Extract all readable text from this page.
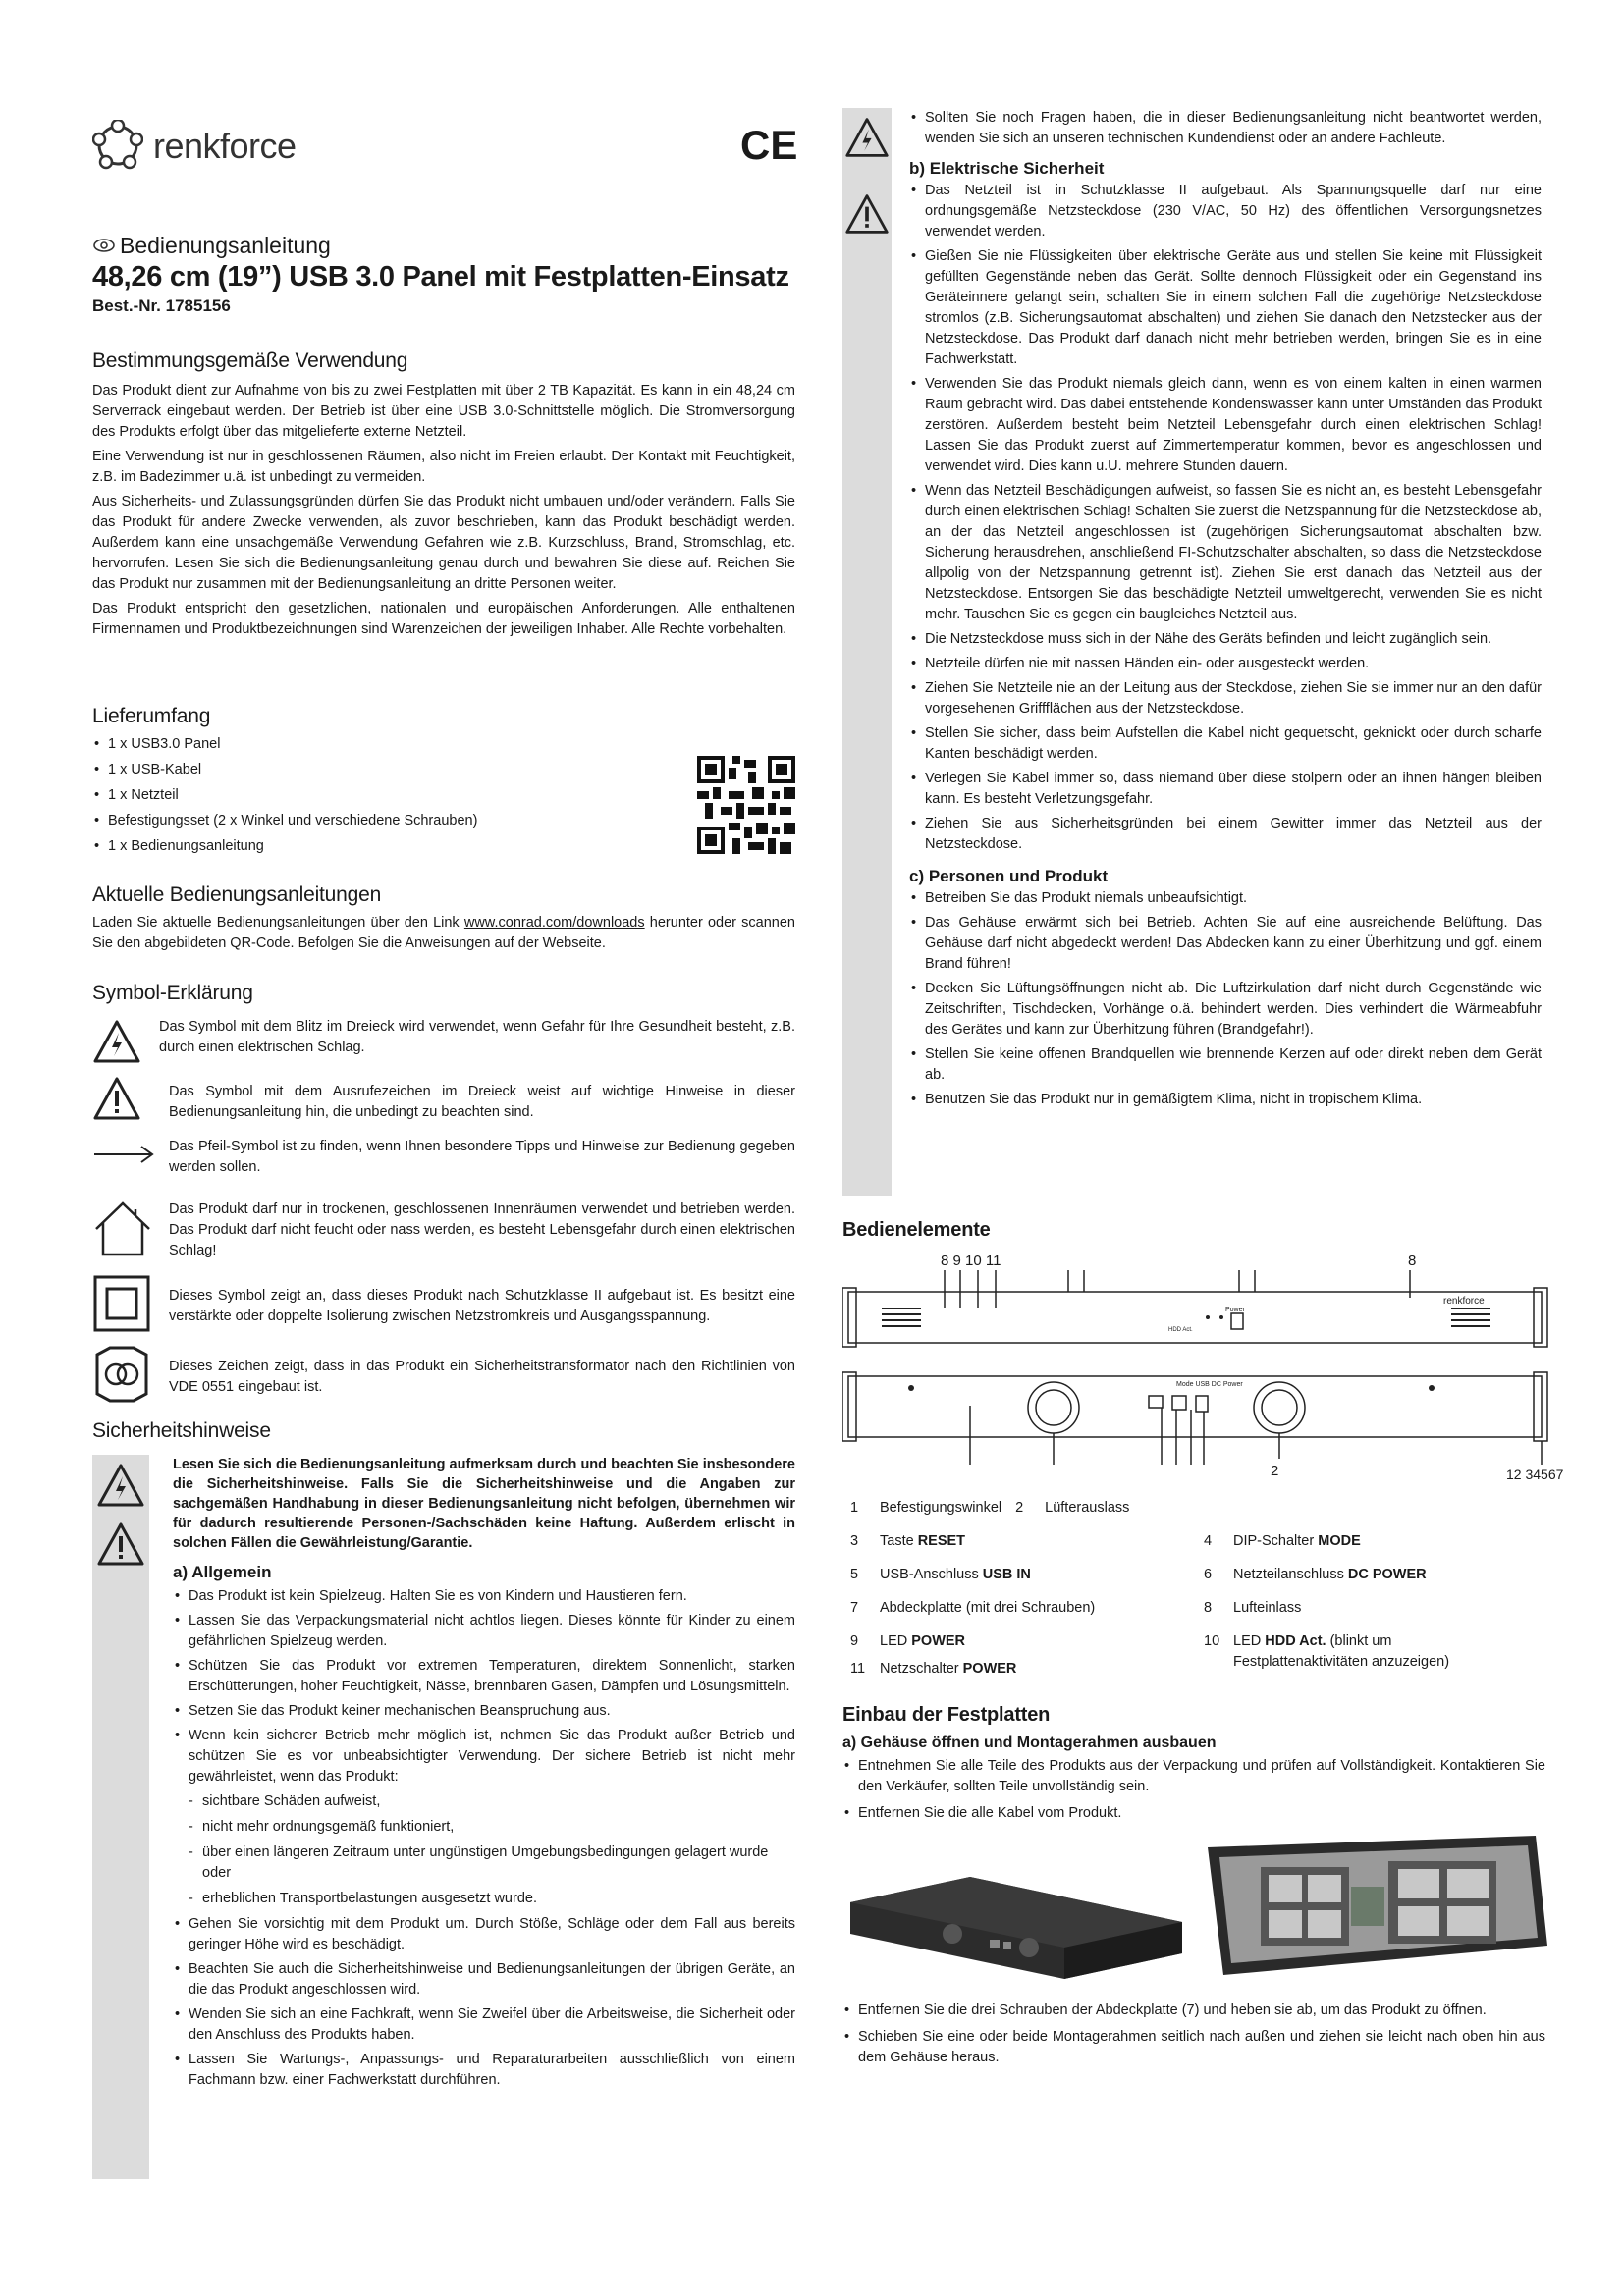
renkforce	CE
Bedienungsanleitung
48,26 cm (19”) USB 3.0 Panel mit Festplatten-Einsatz
Best.-Nr. 1785156
Bestimmungsgemäße Verwendung

Das Produkt dient zur Aufnahme von bis zu zwei Festplatten mit über 2 TB Kapazität. Es kann in ein 48,24 cm Serverrack eingebaut werden. Der Betrieb ist über eine USB 3.0-Schnittstelle möglich. Die Stromversorgung des Produkts erfolgt über das mitgelieferte externe Netzteil.

Eine Verwendung ist nur in geschlossenen Räumen, also nicht im Freien erlaubt. Der Kontakt mit Feuchtigkeit, z.B. im Badezimmer u.ä. ist unbedingt zu vermeiden.

Aus Sicherheits- und Zulassungsgründen dürfen Sie das Produkt nicht umbauen und/oder verändern. Falls Sie das Produkt für andere Zwecke verwenden, als zuvor beschrieben, kann das Produkt beschädigt werden. Außerdem kann eine unsachgemäße Verwendung Gefahren wie z.B. Kurzschluss, Brand, Stromschlag, etc. hervorrufen. Lesen Sie sich die Bedienungsanleitung genau durch und bewahren Sie diese auf. Reichen Sie das Produkt nur zusammen mit der Bedienungsanleitung an dritte Personen weiter.

Das Produkt entspricht den gesetzlichen, nationalen und europäischen Anforderungen. Alle enthaltenen Firmennamen und Produktbezeichnungen sind Warenzeichen der jeweiligen Inhaber. Alle Rechte vorbehalten.

Lieferumfang
• 1 x USB3.0 Panel
• 1 x USB-Kabel
• 1 x Netzteil
• Befestigungsset (2 x Winkel und verschiedene Schrauben)
• 1 x Bedienungsanleitung
Aktuelle Bedienungsanleitungen

Laden Sie aktuelle Bedienungsanleitungen über den Link www.conrad.com/downloads herunter oder scannen Sie den abgebildeten QR-Code. Befolgen Sie die Anweisungen auf der Webseite.

Symbol-Erklärung

Das Symbol mit dem Blitz im Dreieck wird verwendet, wenn Gefahr für Ihre Gesundheit besteht, z.B. durch einen elektrischen Schlag.

Das Symbol mit dem Ausrufezeichen im Dreieck weist auf wichtige Hinweise in dieser Bedienungsanleitung hin, die unbedingt zu beachten sind.

Das Pfeil-Symbol ist zu finden, wenn Ihnen besondere Tipps und Hinweise zur Bedienung gegeben werden sollen.

Das Produkt darf nur in trockenen, geschlossenen Innenräumen verwendet und betrieben werden. Das Produkt darf nicht feucht oder nass werden, es besteht Lebensgefahr durch einen elektrischen Schlag!

Dieses Symbol zeigt an, dass dieses Produkt nach Schutzklasse II aufgebaut ist. Es besitzt eine verstärkte oder doppelte Isolierung zwischen Netzstromkreis und Ausgangsspannung.

Dieses Zeichen zeigt, dass in das Produkt ein Sicherheitstransformator nach den Richtlinien von VDE 0551 eingebaut ist.

Sicherheitshinweise

Lesen Sie sich die Bedienungsanleitung aufmerksam durch und beachten Sie insbesondere die Sicherheitshinweise. Falls Sie die Sicherheitshinweise und die Angaben zur sachgemäßen Handhabung in dieser Bedienungsanleitung nicht befolgen, übernehmen wir für dadurch resultierende Personen-/Sachschäden keine Haftung. Außerdem erlischt in solchen Fällen die Gewährleistung/Garantie.

a) Allgemein
• Das Produkt ist kein Spielzeug. Halten Sie es von Kindern und Haustieren fern.
• Lassen Sie das Verpackungsmaterial nicht achtlos liegen. Dieses könnte für Kinder zu einem gefährlichen Spielzeug werden.
• Schützen Sie das Produkt vor extremen Temperaturen, direktem Sonnenlicht, starken Erschütterungen, hoher Feuchtigkeit, Nässe, brennbaren Gasen, Dämpfen und Lösungsmitteln.
• Setzen Sie das Produkt keiner mechanischen Beanspruchung aus.
• Wenn kein sicherer Betrieb mehr möglich ist, nehmen Sie das Produkt außer Betrieb und schützen Sie es vor unbeabsichtigter Verwendung. Der sichere Betrieb ist nicht mehr gewährleistet, wenn das Produkt:
- sichtbare Schäden aufweist,
- nicht mehr ordnungsgemäß funktioniert,
- über einen längeren Zeitraum unter ungünstigen Umgebungsbedingungen gelagert wurde oder
- erheblichen Transportbelastungen ausgesetzt wurde.
• Gehen Sie vorsichtig mit dem Produkt um. Durch Stöße, Schläge oder dem Fall aus bereits geringer Höhe wird es beschädigt.
• Beachten Sie auch die Sicherheitshinweise und Bedienungsanleitungen der übrigen Geräte, an die das Produkt angeschlossen wird.
• Wenden Sie sich an eine Fachkraft, wenn Sie Zweifel über die Arbeitsweise, die Sicherheit oder den Anschluss des Produkts haben.
• Lassen Sie Wartungs-, Anpassungs- und Reparaturarbeiten ausschließlich von einem Fachmann bzw. einer Fachwerkstatt durchführen.
• Sollten Sie noch Fragen haben, die in dieser Bedienungsanleitung nicht beantwortet werden, wenden Sie sich an unseren technischen Kundendienst oder an andere Fachleute.
b) Elektrische Sicherheit
• Das Netzteil ist in Schutzklasse II aufgebaut. Als Spannungsquelle darf nur eine ordnungsgemäße Netzsteckdose (230 V/AC, 50 Hz) des öffentlichen Versorgungsnetzes verwendet werden.
• Gießen Sie nie Flüssigkeiten über elektrische Geräte aus und stellen Sie keine mit Flüssigkeit gefüllten Gegenstände neben das Gerät. Sollte dennoch Flüssigkeit oder ein Gegenstand ins Geräteinnere gelangt sein, schalten Sie in einem solchen Fall die zugehörige Netzsteckdose stromlos (z.B. Sicherungsautomat abschalten) und ziehen Sie danach den Netzstecker aus der Netzsteckdose. Das Produkt darf danach nicht mehr betrieben werden, bringen Sie es in eine Fachwerkstatt.
• Verwenden Sie das Produkt niemals gleich dann, wenn es von einem kalten in einen warmen Raum gebracht wird. Das dabei entstehende Kondenswasser kann unter Umständen das Produkt zerstören. Außerdem besteht beim Netzteil Lebensgefahr durch einen elektrischen Schlag! Lassen Sie das Produkt zuerst auf Zimmertemperatur kommen, bevor es angeschlossen und verwendet wird. Dies kann u.U. mehrere Stunden dauern.
• Wenn das Netzteil Beschädigungen aufweist, so fassen Sie es nicht an, es besteht Lebensgefahr durch einen elektrischen Schlag! Schalten Sie zuerst die Netzspannung für die Netzsteckdose ab, an der das Netzteil angeschlossen ist (zugehörigen Sicherungsautomat abschalten bzw. Sicherung herausdrehen, anschließend FI-Schutzschalter abschalten, so dass die Netzsteckdose allpolig von der Netzspannung getrennt ist). Ziehen Sie erst danach das Netzteil aus der Netzsteckdose. Entsorgen Sie das beschädigte Netzteil umweltgerecht, verwenden Sie es nicht mehr. Tauschen Sie es gegen ein baugleiches Netzteil aus.
• Die Netzsteckdose muss sich in der Nähe des Geräts befinden und leicht zugänglich sein.
• Netzteile dürfen nie mit nassen Händen ein- oder ausgesteckt werden.
• Ziehen Sie Netzteile nie an der Leitung aus der Steckdose, ziehen Sie sie immer nur an den dafür vorgesehenen Griffflächen aus der Netzsteckdose.
• Stellen Sie sicher, dass beim Aufstellen die Kabel nicht gequetscht, geknickt oder durch scharfe Kanten beschädigt werden.
• Verlegen Sie Kabel immer so, dass niemand über diese stolpern oder an ihnen hängen bleiben kann. Es besteht Verletzungsgefahr.
• Ziehen Sie aus Sicherheitsgründen bei einem Gewitter immer das Netzteil aus der Netzsteckdose.
c) Personen und Produkt
• Betreiben Sie das Produkt niemals unbeaufsichtigt.
• Das Gehäuse erwärmt sich bei Betrieb. Achten Sie auf eine ausreichende Belüftung. Das Gehäuse darf nicht abgedeckt werden! Das Abdecken kann zu einer Überhitzung und ggf. einem Brand führen!
• Decken Sie Lüftungsöffnungen nicht ab. Die Luftzirkulation darf nicht durch Gegenstände wie Zeitschriften, Tischdecken, Vorhänge o.ä. behindert werden. Dies verhindert die Wärmeabfuhr des Gerätes und kann zur Überhitzung führen (Brandgefahr!).
• Stellen Sie keine offenen Brandquellen wie brennende Kerzen auf oder direkt neben dem Gerät ab.
• Benutzen Sie das Produkt nur in gemäßigtem Klima, nicht in tropischem Klima.
Bedienelemente
8 9 10 11	8
renkforce
Power
HDD Act.
Mode USB DC Power
2	12 34567
1 Befestigungswinkel 2 Lüfterauslass
3 Taste RESET	4 DIP-Schalter MODE
5 USB-Anschluss USB IN	6 Netzteilanschluss DC POWER
7 Abdeckplatte (mit drei Schrauben)	8 Lufteinlass
9 LED POWER	10 LED HDD Act. (blinkt um
Festplattenaktivitäten anzuzeigen)
11 Netzschalter POWER
Einbau der Festplatten
a) Gehäuse öffnen und Montagerahmen ausbauen
• Entnehmen Sie alle Teile des Produkts aus der Verpackung und prüfen auf Vollständigkeit. Kontaktieren Sie den Verkäufer, sollten Teile unvollständig sein.
• Entfernen Sie die alle Kabel vom Produkt.
• Entfernen Sie die drei Schrauben der Abdeckplatte (7) und heben sie ab, um das Produkt zu öffnen.
• Schieben Sie eine oder beide Montagerahmen seitlich nach außen und ziehen sie leicht nach oben hin aus dem Gehäuse heraus.
